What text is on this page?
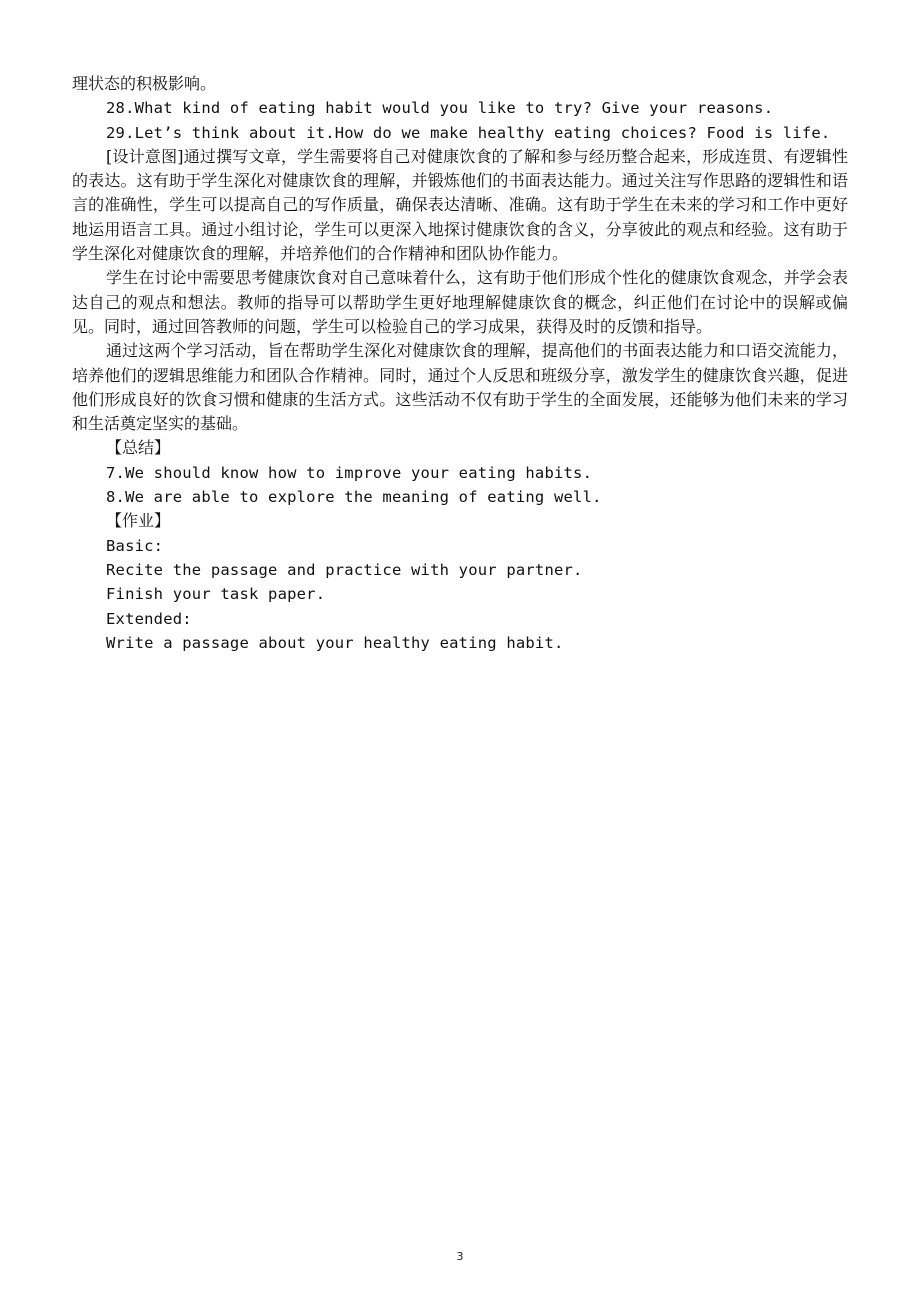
理状态的积极影响。
28.What kind of eating habit would you like to try? Give your reasons.
29.Let’s think about it.How do we make healthy eating choices? Food is life.

[设计意图]通过撰写文章，学生需要将自己对健康饮食的了解和参与经历整合起来，形成连贯、有逻辑性的表达。这有助于学生深化对健康饮食的理解，并锻炼他们的书面表达能力。通过关注写作思路的逻辑性和语言的准确性，学生可以提高自己的写作质量，确保表达清晰、准确。这有助于学生在未来的学习和工作中更好地运用语言工具。通过小组讨论，学生可以更深入地探讨健康饮食的含义，分享彼此的观点和经验。这有助于学生深化对健康饮食的理解，并培养他们的合作精神和团队协作能力。

学生在讨论中需要思考健康饮食对自己意味着什么，这有助于他们形成个性化的健康饮食观念，并学会表达自己的观点和想法。教师的指导可以帮助学生更好地理解健康饮食的概念，纠正他们在讨论中的误解或偏见。同时，通过回答教师的问题，学生可以检验自己的学习成果，获得及时的反馈和指导。

通过这两个学习活动，旨在帮助学生深化对健康饮食的理解，提高他们的书面表达能力和口语交流能力，培养他们的逻辑思维能力和团队合作精神。同时，通过个人反思和班级分享，激发学生的健康饮食兴趣，促进他们形成良好的饮食习惯和健康的生活方式。这些活动不仅有助于学生的全面发展，还能够为他们未来的学习和生活奠定坚实的基础。

【总结】
7.We should know how to improve your eating habits.
8.We are able to explore the meaning of eating well.
【作业】
Basic:
Recite the passage and practice with your partner.
Finish your task paper.
Extended:
Write a passage about your healthy eating habit.
3
